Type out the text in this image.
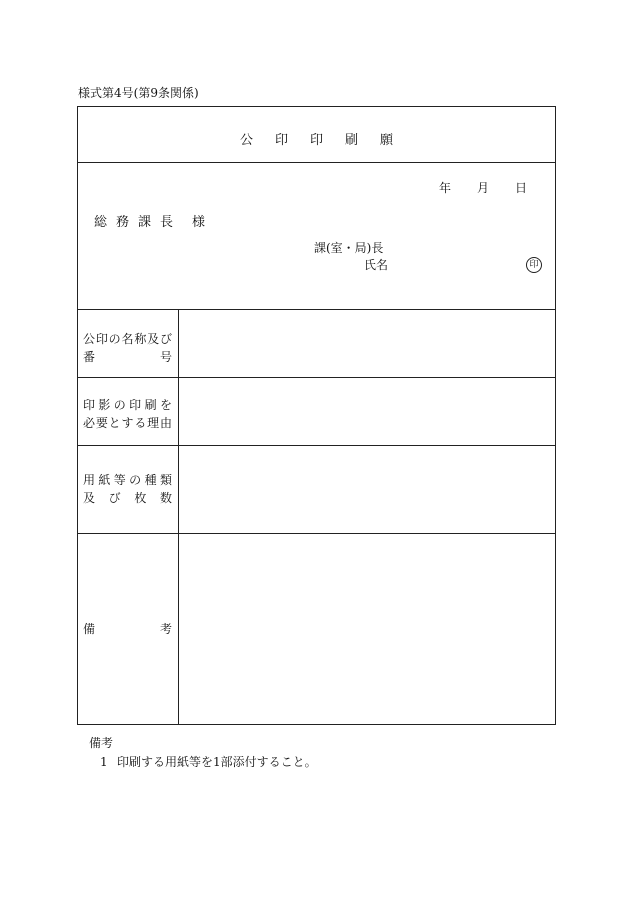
様式第4号(第9条関係)
公印印刷願
年 月 日
総務課長 様
課(室・局)長
氏名	印
公 印 の 名 称 及 び
番	号
印 影 の 印 刷 を
必 要 と す る 理 由
用 紙 等 の 種 類
及 び 枚 数
備	考
備考
1 印刷する用紙等を1部添付すること。
